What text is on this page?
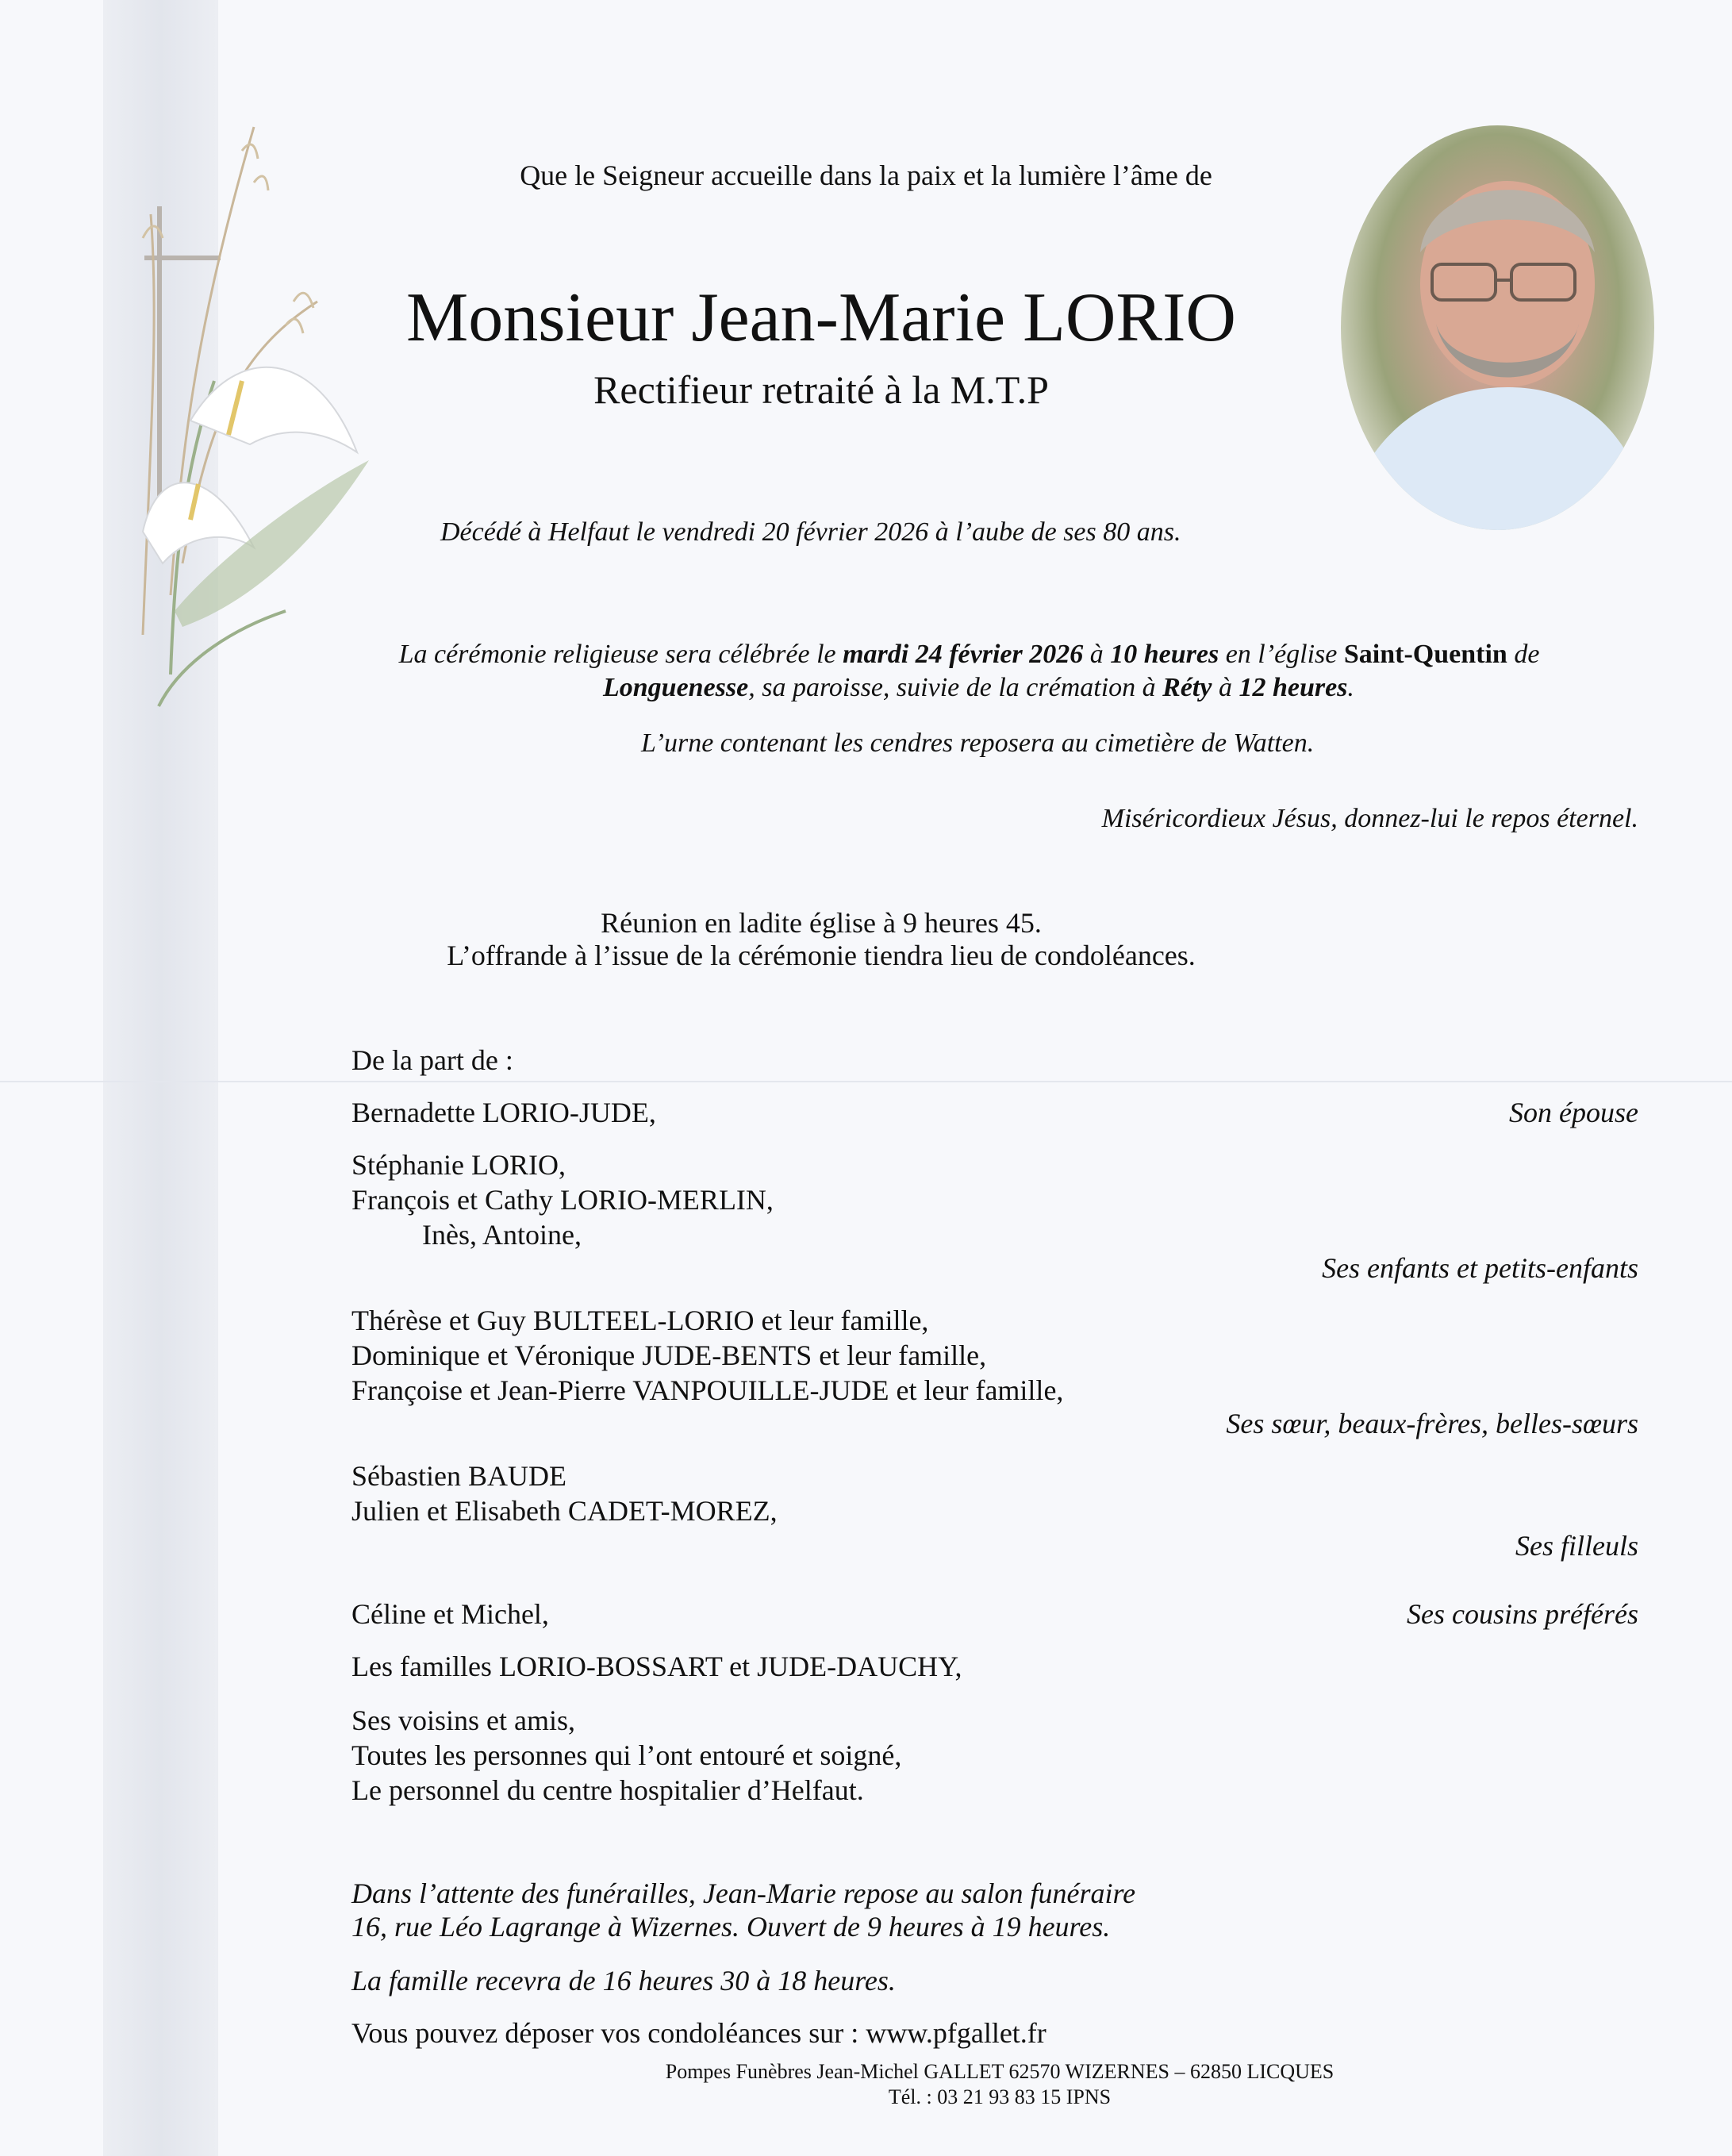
Que le Seigneur accueille dans la paix et la lumière l’âme de
Monsieur Jean-Marie LORIO
Rectifieur retraité à la M.T.P
Décédé à Helfaut le vendredi 20 février 2026 à l’aube de ses 80 ans.
La cérémonie religieuse sera célébrée le mardi 24 février 2026 à 10 heures en l’église Saint-Quentin de
Longuenesse, sa paroisse, suivie de la crémation à Réty à 12 heures.
L’urne contenant les cendres reposera au cimetière de Watten.
Miséricordieux Jésus, donnez-lui le repos éternel.
Réunion en ladite église à 9 heures 45.
L’offrande à l’issue de la cérémonie tiendra lieu de condoléances.
De la part de :
Bernadette LORIO-JUDE,	Son épouse
Stéphanie LORIO,
François et Cathy LORIO-MERLIN,
Inès, Antoine,
Ses enfants et petits-enfants
Thérèse et Guy BULTEEL-LORIO et leur famille,
Dominique et Véronique JUDE-BENTS et leur famille,
Françoise et Jean-Pierre VANPOUILLE-JUDE et leur famille,
Ses sœur, beaux-frères, belles-sœurs
Sébastien BAUDE
Julien et Elisabeth CADET-MOREZ,
Ses filleuls
Céline et Michel,	Ses cousins préférés
Les familles LORIO-BOSSART et JUDE-DAUCHY,
Ses voisins et amis,
Toutes les personnes qui l’ont entouré et soigné,
Le personnel du centre hospitalier d’Helfaut.
Dans l’attente des funérailles, Jean-Marie repose au salon funéraire
16, rue Léo Lagrange à Wizernes. Ouvert de 9 heures à 19 heures.
La famille recevra de 16 heures 30 à 18 heures.
Vous pouvez déposer vos condoléances sur : www.pfgallet.fr
Pompes Funèbres Jean-Michel GALLET 62570 WIZERNES – 62850 LICQUES
Tél. : 03 21 93 83 15 IPNS
